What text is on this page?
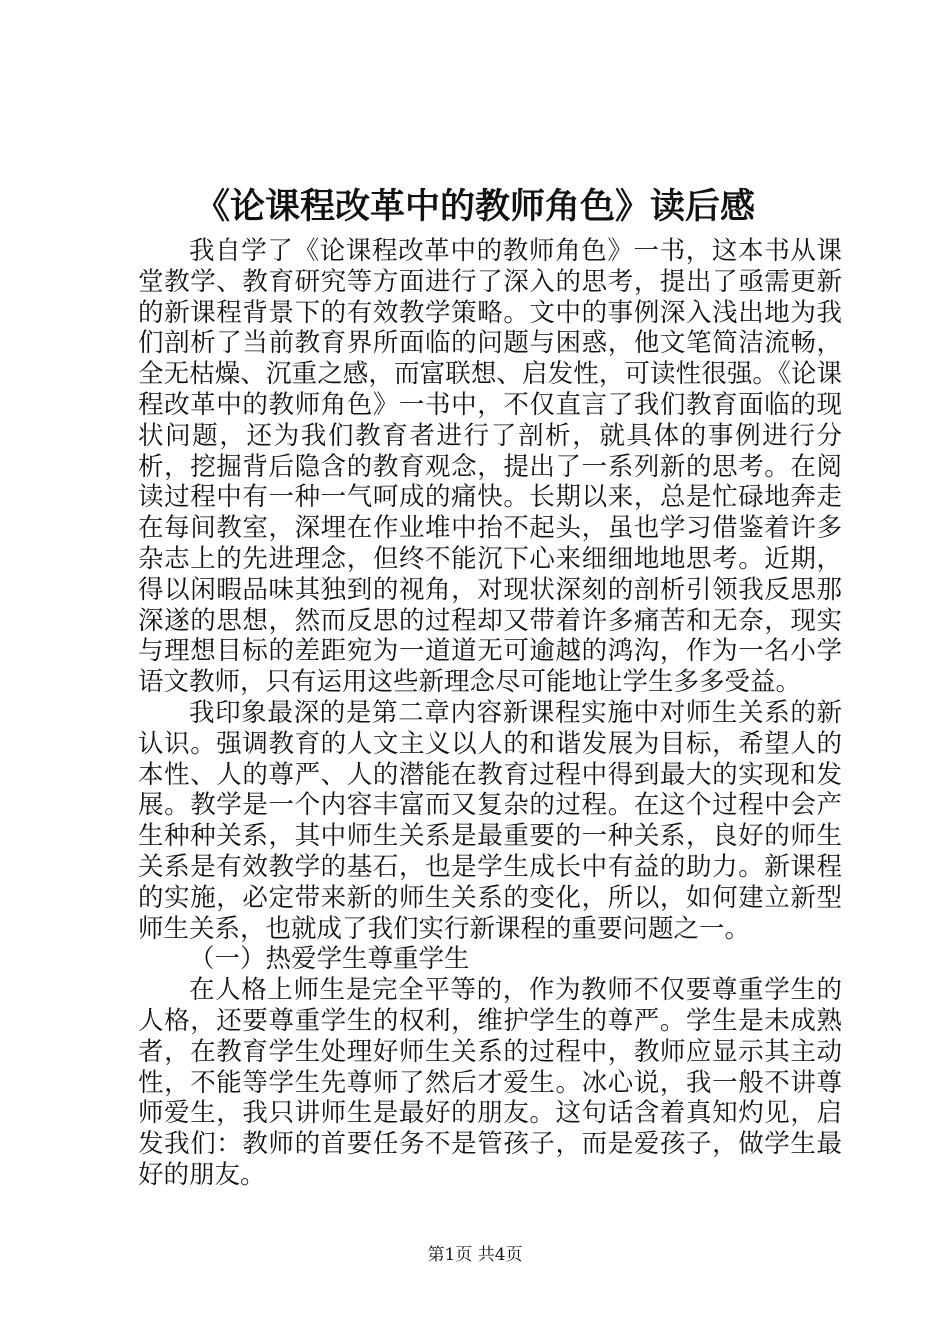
《论课程改革中的教师角色》读后感

我自学了《论课程改革中的教师角色》一书，这本书从课堂教学、教育研究等方面进行了深入的思考，提出了亟需更新的新课程背景下的有效教学策略。文中的事例深入浅出地为我们剖析了当前教育界所面临的问题与困惑，他文笔简洁流畅，全无枯燥、沉重之感，而富联想、启发性，可读性很强。《论课程改革中的教师角色》一书中，不仅直言了我们教育面临的现状问题，还为我们教育者进行了剖析，就具体的事例进行分析，挖掘背后隐含的教育观念，提出了一系列新的思考。在阅读过程中有一种一气呵成的痛快。长期以来，总是忙碌地奔走在每间教室，深埋在作业堆中抬不起头，虽也学习借鉴着许多杂志上的先进理念，但终不能沉下心来细细地地思考。近期，得以闲暇品味其独到的视角，对现状深刻的剖析引领我反思那深遂的思想，然而反思的过程却又带着许多痛苦和无奈，现实与理想目标的差距宛为一道道无可逾越的鸿沟，作为一名小学语文教师，只有运用这些新理念尽可能地让学生多多受益。

我印象最深的是第二章内容新课程实施中对师生关系的新认识。强调教育的人文主义以人的和谐发展为目标，希望人的本性、人的尊严、人的潜能在教育过程中得到最大的实现和发展。教学是一个内容丰富而又复杂的过程。在这个过程中会产生种种关系，其中师生关系是最重要的一种关系，良好的师生关系是有效教学的基石，也是学生成长中有益的助力。新课程的实施，必定带来新的师生关系的变化，所以，如何建立新型师生关系，也就成了我们实行新课程的重要问题之一。

（一）热爱学生尊重学生

在人格上师生是完全平等的，作为教师不仅要尊重学生的人格，还要尊重学生的权利，维护学生的尊严。学生是未成熟者，在教育学生处理好师生关系的过程中，教师应显示其主动性，不能等学生先尊师了然后才爱生。冰心说，我一般不讲尊师爱生，我只讲师生是最好的朋友。这句话含着真知灼见，启发我们：教师的首要任务不是管孩子，而是爱孩子，做学生最好的朋友。

第1页 共4页
